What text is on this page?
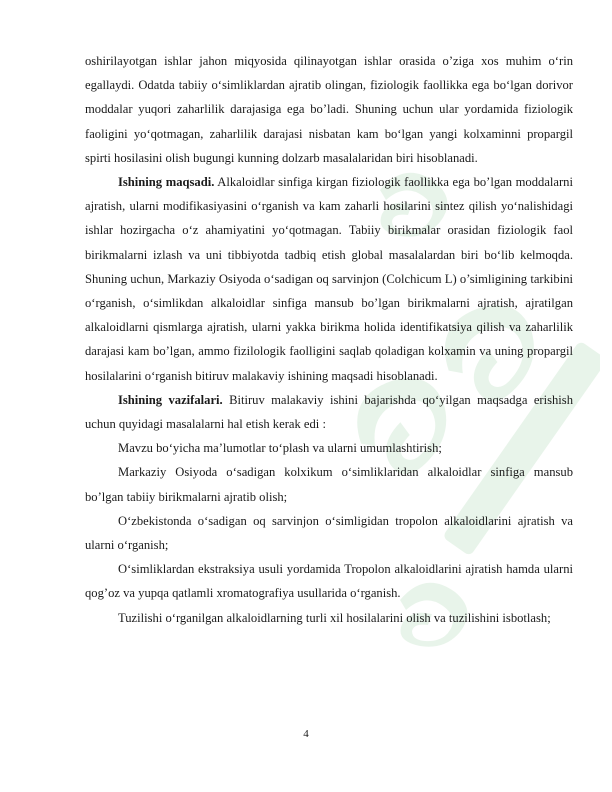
oshirilayotgan ishlar jahon miqyosida qilinayotgan ishlar orasida o’ziga xos muhim o‘rin egallaydi. Odatda tabiiy o‘simliklardan ajratib olingan, fiziologik faollikka ega bo‘lgan dorivor moddalar yuqori zaharlilik darajasiga ega bo’ladi. Shuning uchun ular yordamida fiziologik faoligini yo‘qotmagan, zaharlilik darajasi nisbatan kam bo‘lgan yangi kolxaminni propargil spirti hosilasini olish bugungi kunning dolzarb masalalaridan biri hisoblanadi.

Ishining maqsadi. Alkaloidlar sinfiga kirgan fiziologik faollikka ega bo’lgan moddalarni ajratish, ularni modifikasiyasini o‘rganish va kam zaharli hosilarini sintez qilish yo‘nalishidagi ishlar hozirgacha o‘z ahamiyatini yo‘qotmagan. Tabiiy birikmalar orasidan fiziologik faol birikmalarni izlash va uni tibbiyotda tadbiq etish global masalalardan biri bo‘lib kelmoqda. Shuning uchun, Markaziy Osiyoda o‘sadigan oq sarvinjon (Colchicum L) o’simligining tarkibini o‘rganish, o‘simlikdan alkaloidlar sinfiga mansub bo’lgan birikmalarni ajratish, ajratilgan alkaloidlarni qismlarga ajratish, ularni yakka birikma holida identifikatsiya qilish va zaharlilik darajasi kam bo’lgan, ammo fizilologik faolligini saqlab qoladigan kolxamin va uning propargil hosilalarini o‘rganish bitiruv malakaviy ishining maqsadi hisoblanadi.

Ishining vazifalari. Bitiruv malakaviy ishini bajarishda qo‘yilgan maqsadga erishish uchun quyidagi masalalarni hal etish kerak edi :

Mavzu bo‘yicha ma’lumotlar to‘plash va ularni umumlashtirish;

Markaziy Osiyoda o‘sadigan kolxikum o‘simliklaridan alkaloidlar sinfiga mansub bo’lgan tabiiy birikmalarni ajratib olish;

O‘zbekistonda o‘sadigan oq sarvinjon o‘simligidan tropolon alkaloidlarini ajratish va ularni o‘rganish;

O‘simliklardan ekstraksiya usuli yordamida Tropolon alkaloidlarini ajratish hamda ularni qog’oz va yupqa qatlamli xromatografiya usullarida o‘rganish.

Tuzilishi o‘rganilgan alkaloidlarning turli xil hosilalarini olish va tuzilishini isbotlash;

4
